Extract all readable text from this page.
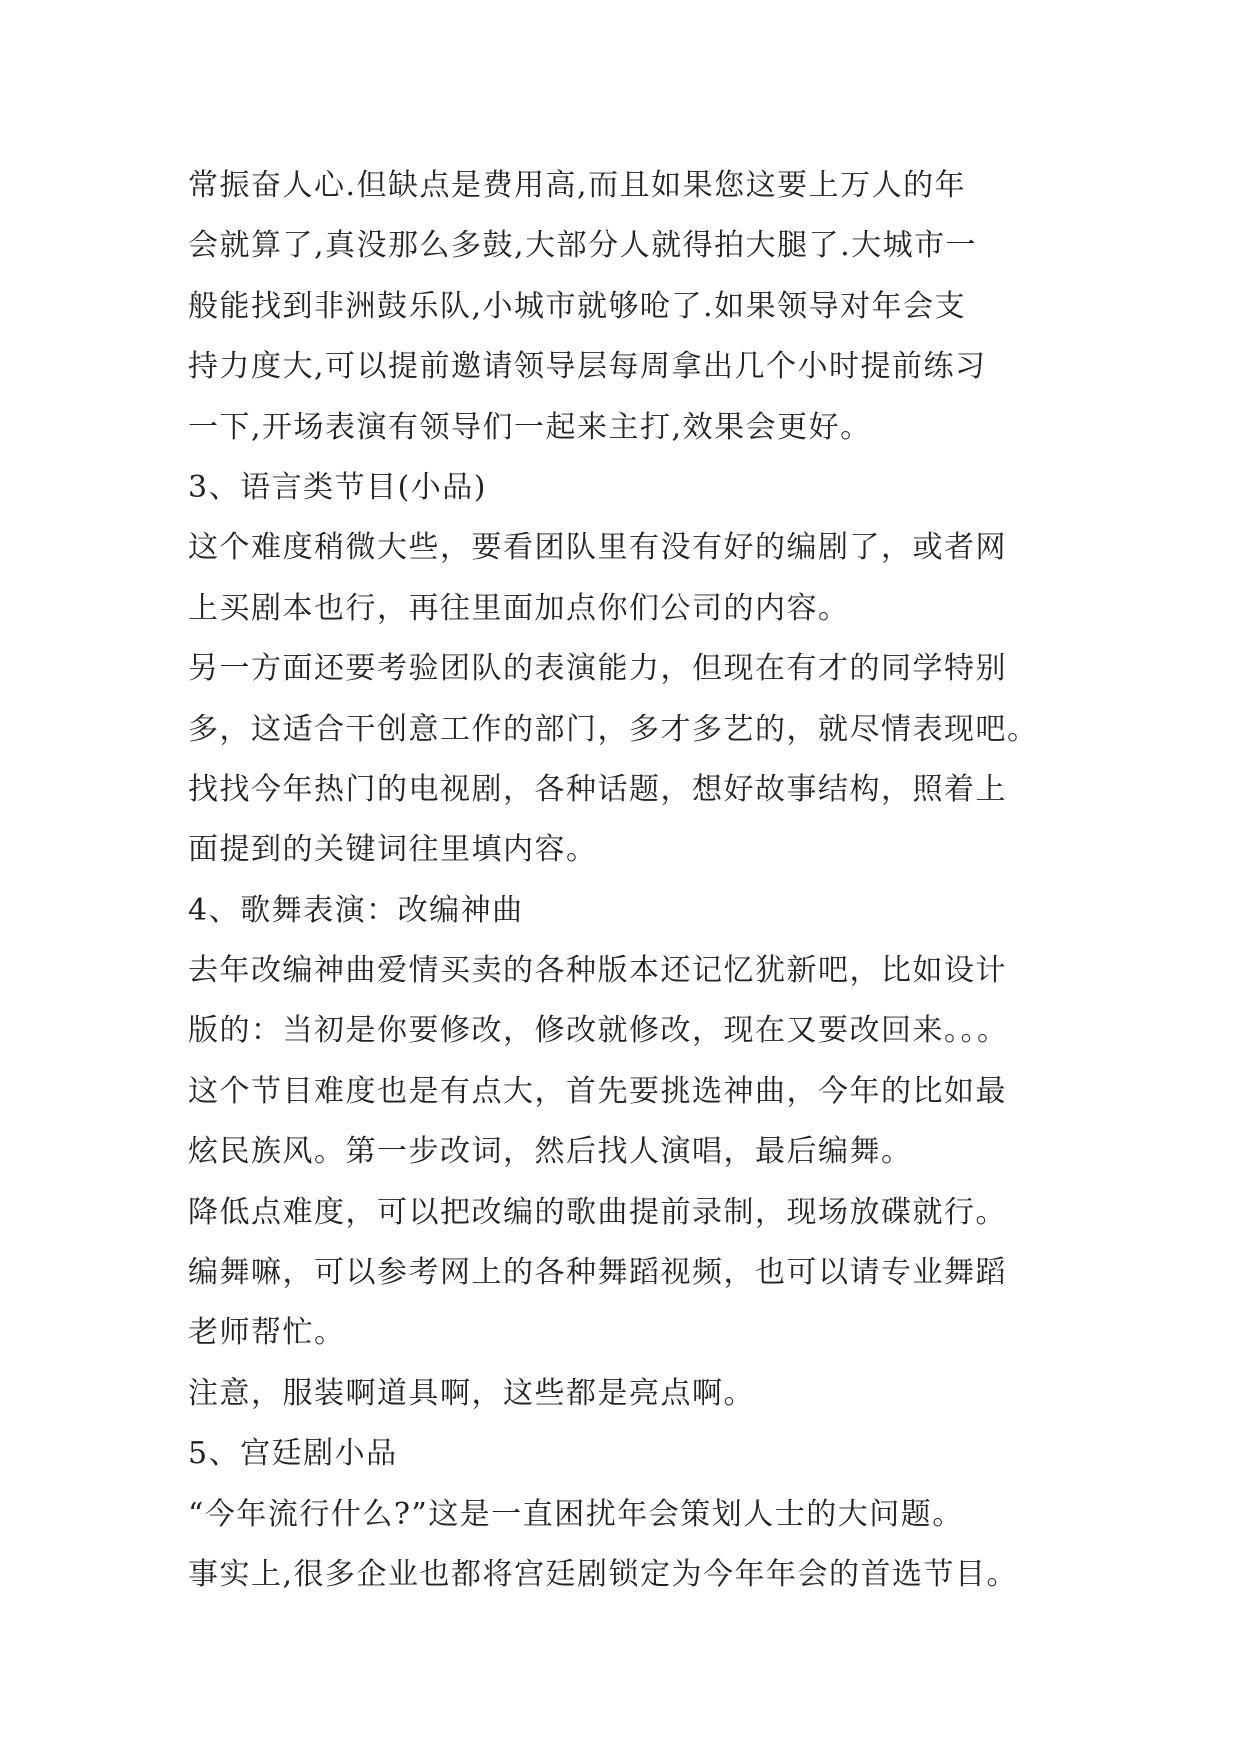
常振奋人心.但缺点是费用高,而且如果您这要上万人的年
会就算了,真没那么多鼓,大部分人就得拍大腿了.大城市一
般能找到非洲鼓乐队,小城市就够呛了.如果领导对年会支
持力度大,可以提前邀请领导层每周拿出几个小时提前练习
一下,开场表演有领导们一起来主打,效果会更好。
3、语言类节目(小品)
这个难度稍微大些，要看团队里有没有好的编剧了，或者网
上买剧本也行，再往里面加点你们公司的内容。
另一方面还要考验团队的表演能力，但现在有才的同学特别
多，这适合干创意工作的部门，多才多艺的，就尽情表现吧。
找找今年热门的电视剧，各种话题，想好故事结构，照着上
面提到的关键词往里填内容。
4、歌舞表演：改编神曲
去年改编神曲爱情买卖的各种版本还记忆犹新吧，比如设计
版的：当初是你要修改，修改就修改，现在又要改回来。。。
这个节目难度也是有点大，首先要挑选神曲，今年的比如最
炫民族风。第一步改词，然后找人演唱，最后编舞。
降低点难度，可以把改编的歌曲提前录制，现场放碟就行。
编舞嘛，可以参考网上的各种舞蹈视频，也可以请专业舞蹈
老师帮忙。
注意，服装啊道具啊，这些都是亮点啊。
5、宫廷剧小品
“今年流行什么?”这是一直困扰年会策划人士的大问题。
事实上,很多企业也都将宫廷剧锁定为今年年会的首选节目。
